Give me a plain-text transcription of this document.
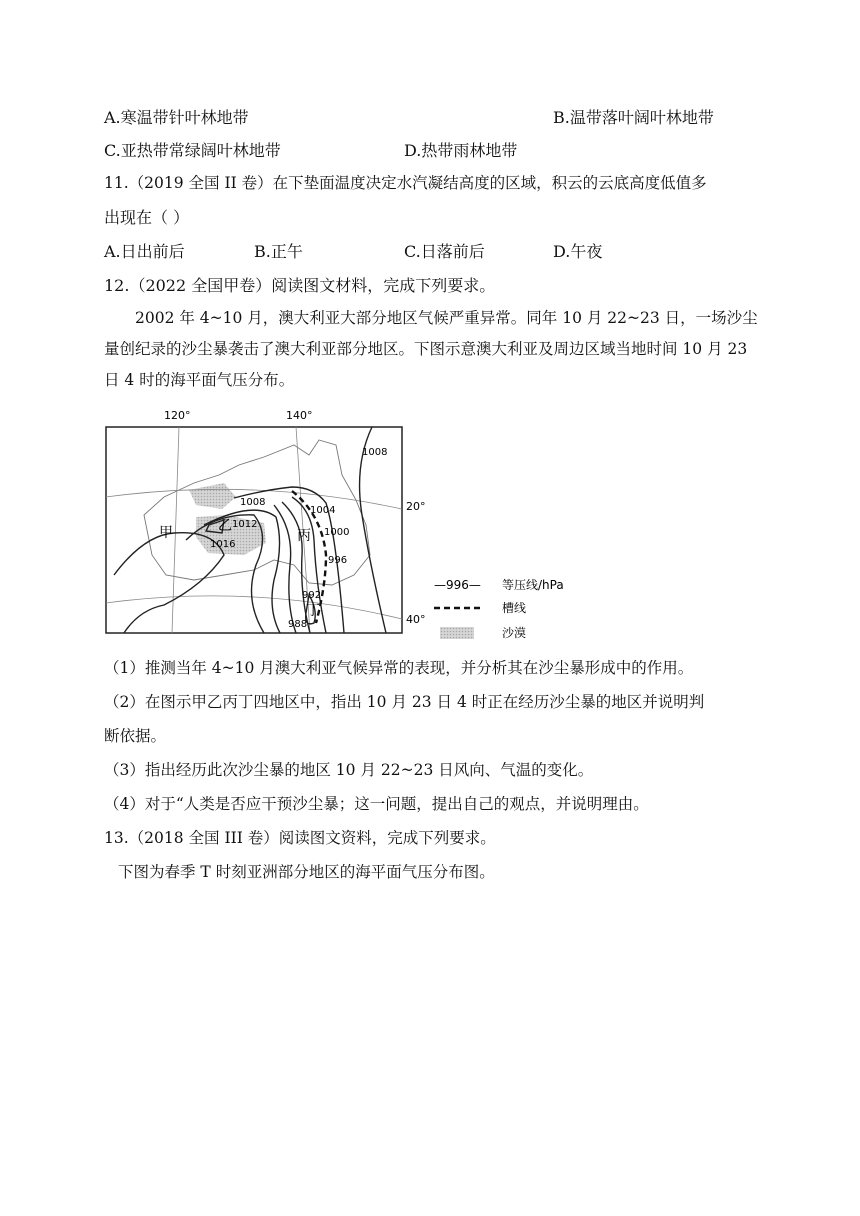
A.寒温带针叶林地带	B.温带落叶阔叶林地带
C.亚热带常绿阔叶林地带	D.热带雨林地带
11.（2019 全国 II 卷）在下垫面温度决定水汽凝结高度的区域，积云的云底高度低值多
出现在（ ）
A.日出前后	B.正午	C.日落前后	D.午夜
12.（2022 全国甲卷）阅读图文材料，完成下列要求。
2002 年 4~10 月，澳大利亚大部分地区气候严重异常。同年 10 月 22~23 日，一场沙尘量创纪录的沙尘暴袭击了澳大利亚部分地区。下图示意澳大利亚及周边区域当地时间 10 月 23 日 4 时的海平面气压分布。
120°	140°
20°
40°
1008
1008
1012
1016
1004
1000
996
992
988
甲	乙
丙
丁
—996— 等压线/hPa
槽线
沙漠
（1）推测当年 4~10 月澳大利亚气候异常的表现，并分析其在沙尘暴形成中的作用。
（2）在图示甲乙丙丁四地区中，指出 10 月 23 日 4 时正在经历沙尘暴的地区并说明判
断依据。
（3）指出经历此次沙尘暴的地区 10 月 22~23 日风向、气温的变化。
（4）对于“人类是否应干预沙尘暴；这一问题，提出自己的观点，并说明理由。
13.（2018 全国 III 卷）阅读图文资料，完成下列要求。
下图为春季 T 时刻亚洲部分地区的海平面气压分布图。
